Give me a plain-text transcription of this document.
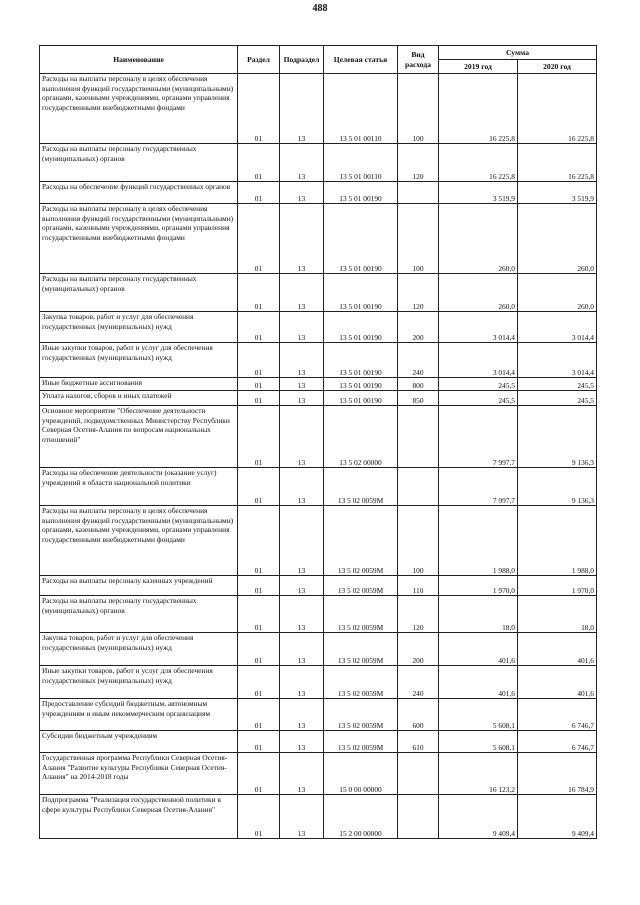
488
Наименование	Раздел	Подраздел	Целевая статья	Вид расхода	Сумма	
					2019 год	2020 год
Расходы на выплаты персоналу в целях обеспечения выполнения функций государственными (муниципальными) органами, казенными учреждениями, органами управления государственными внебюджетными фондами	01	13	13 5 01 00110	100	16 225,8	16 225,8
Расходы на выплаты персоналу государственных (муниципальных) органов	01	13	13 5 01 00110	120	16 225,8	16 225,8
Расходы на обеспечение функций государственных органов	01	13	13 5 01 00190		3 519,9	3 519,9
Расходы на выплаты персоналу в целях обеспечения выполнения функций государственными (муниципальными) органами, казенными учреждениями, органами управления государственными внебюджетными фондами	01	13	13 5 01 00190	100	260,0	260,0
Расходы на выплаты персоналу государственных (муниципальных) органов	01	13	13 5 01 00190	120	260,0	260,0
Закупка товаров, работ и услуг для обеспечения государственных (муниципальных) нужд	01	13	13 5 01 00190	200	3 014,4	3 014,4
Иные закупки товаров, работ и услуг для обеспечения государственных (муниципальных) нужд	01	13	13 5 01 00190	240	3 014,4	3 014,4
Иные бюджетные ассигнования	01	13	13 5 01 00190	800	245,5	245,5
Уплата налогов, сборов и иных платежей	01	13	13 5 01 00190	850	245,5	245,5
Основное мероприятие "Обеспечение деятельности учреждений, подведомственных Министерству Республики Северная Осетия-Алания по вопросам национальных отношений"	01	13	13 5 02 00000		7 997,7	9 136,3
Расходы на обеспечение деятельности (оказание услуг) учреждений в области национальной политики	01	13	13 5 02 0059M		7 997,7	9 136,3
Расходы на выплаты персоналу в целях обеспечения выполнения функций государственными (муниципальными) органами, казенными учреждениями, органами управления государственными внебюджетными фондами	01	13	13 5 02 0059M	100	1 988,0	1 988,0
Расходы на выплаты персоналу казенных учреждений	01	13	13 5 02 0059M	110	1 970,0	1 970,0
Расходы на выплаты персоналу государственных (муниципальных) органов	01	13	13 5 02 0059M	120	18,0	18,0
Закупка товаров, работ и услуг для обеспечения государственных (муниципальных) нужд	01	13	13 5 02 0059M	200	401,6	401,6
Иные закупки товаров, работ и услуг для обеспечения государственных (муниципальных) нужд	01	13	13 5 02 0059M	240	401,6	401,6
Предоставление субсидий бюджетным, автономным учреждениям и иным некоммерческим организациям	01	13	13 5 02 0059M	600	5 608,1	6 746,7
Субсидии бюджетным учреждениям	01	13	13 5 02 0059M	610	5 608,1	6 746,7
Государственная программа Республики Северная Осетия-Алания "Развитие культуры Республики Северная Осетия-Алания" на 2014-2018 годы	01	13	15 0 00 00000		16 123,2	16 784,9
Подпрограмма "Реализация государственной политики в сфере культуры Республики Северная Осетия-Алания"	01	13	15 2 00 00000		9 409,4	9 409,4
